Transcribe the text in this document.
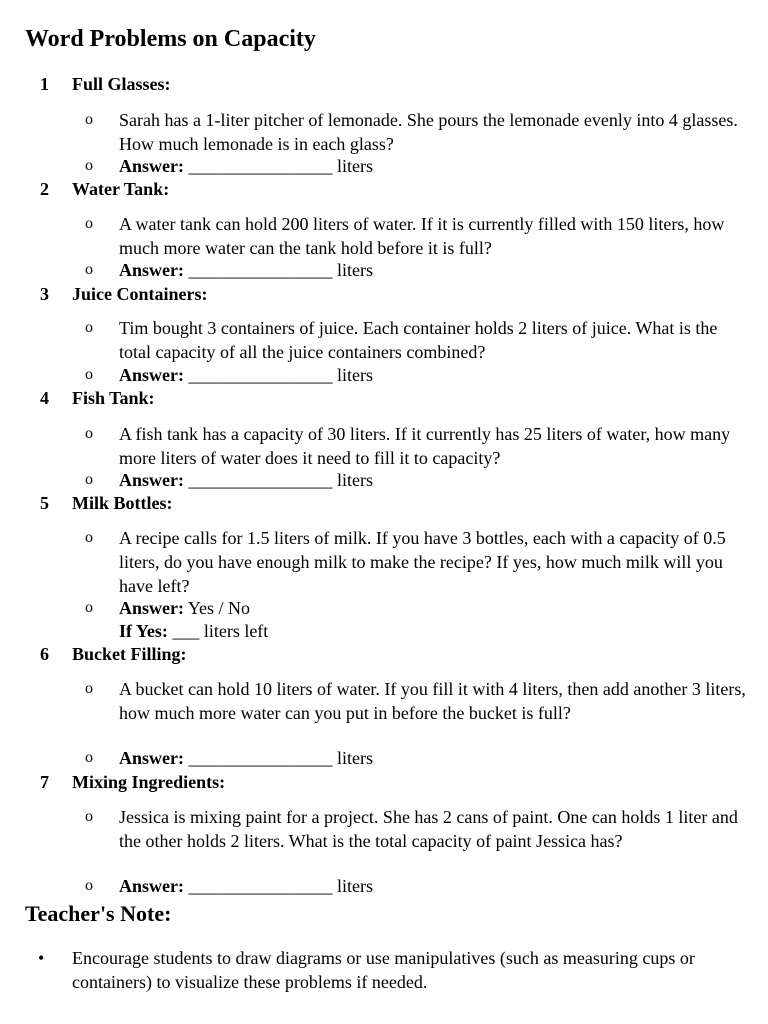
Word Problems on Capacity
1 Full Glasses:
o Sarah has a 1-liter pitcher of lemonade. She pours the lemonade evenly into 4 glasses. How much lemonade is in each glass?
o Answer: ________________ liters
2 Water Tank:
o A water tank can hold 200 liters of water. If it is currently filled with 150 liters, how much more water can the tank hold before it is full?
o Answer: ________________ liters
3 Juice Containers:
o Tim bought 3 containers of juice. Each container holds 2 liters of juice. What is the total capacity of all the juice containers combined?
o Answer: ________________ liters
4 Fish Tank:
o A fish tank has a capacity of 30 liters. If it currently has 25 liters of water, how many more liters of water does it need to fill it to capacity?
o Answer: ________________ liters
5 Milk Bottles:
o A recipe calls for 1.5 liters of milk. If you have 3 bottles, each with a capacity of 0.5 liters, do you have enough milk to make the recipe? If yes, how much milk will you have left?
o Answer: Yes / No
If Yes: ___ liters left
6 Bucket Filling:
o A bucket can hold 10 liters of water. If you fill it with 4 liters, then add another 3 liters, how much more water can you put in before the bucket is full?
o Answer: ________________ liters
7 Mixing Ingredients:
o Jessica is mixing paint for a project. She has 2 cans of paint. One can holds 1 liter and the other holds 2 liters. What is the total capacity of paint Jessica has?
o Answer: ________________ liters
Teacher's Note:
• Encourage students to draw diagrams or use manipulatives (such as measuring cups or containers) to visualize these problems if needed.
